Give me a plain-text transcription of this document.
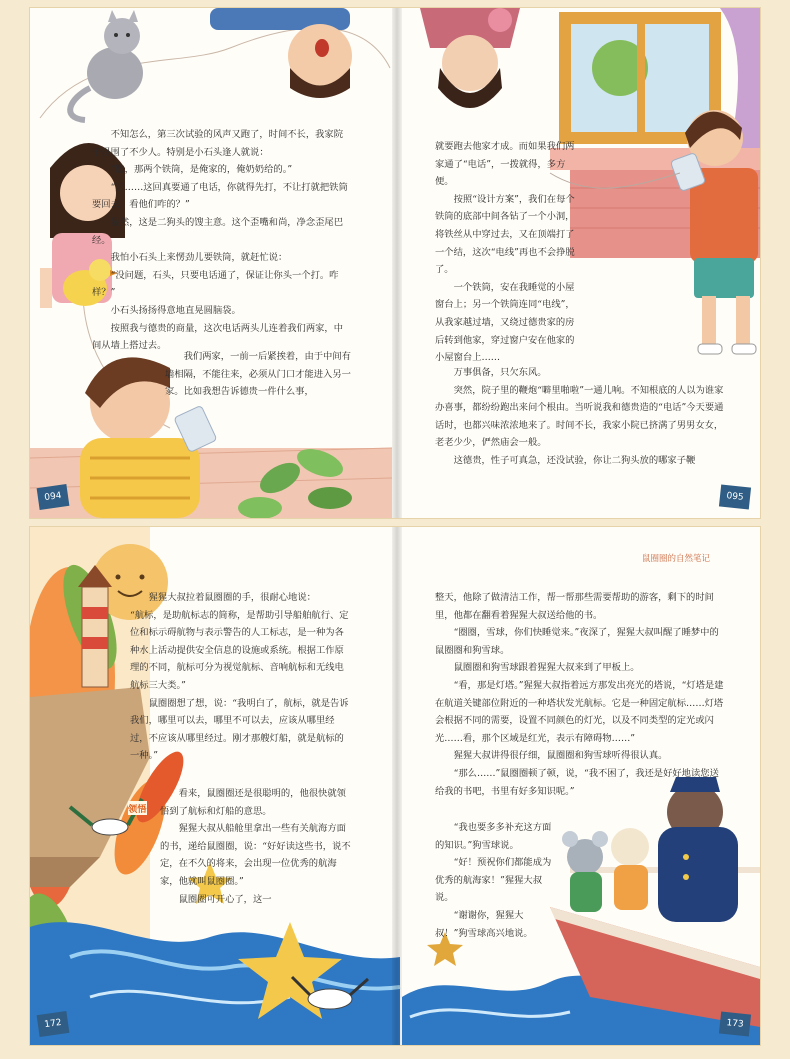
不知怎么，第三次试验的风声又跑了，时间不长，我家院子里围了不少人。特别是小石头逢人就说：

“瞧，那两个铁筒，是俺家的，俺奶奶给的。”

“那……这回真要通了电话，你就得先打，不让打就把铁筒要回去，看他们咋的？”

显然，这是二狗头的馊主意。这个歪嘴和尚，净念歪尾巴经。

我怕小石头上来愣劲儿要铁筒，就赶忙说：

“没问题，石头，只要电话通了，保证让你头一个打。咋样？”

小石头扬扬得意地直晃圆脑袋。

按照我与德贵的商量，这次电话两头儿连着我们两家，中间从墙上搭过去。

我们两家，一前一后紧挨着，由于中间有墙相隔，不能往来，必须从门口才能进入另一家。比如我想告诉德贵一件什么事，

就要跑去他家才成。而如果我们两家通了“电话”，一拨就得，多方便。

按照“设计方案”，我们在每个铁筒的底部中间各钻了一个小洞，将铁丝从中穿过去，又在顶端打了一个结，这次“电线”再也不会挣脱了。

一个铁筒，安在我睡觉的小屋窗台上；另一个铁筒连同“电线”，从我家越过墙，又绕过德贵家的房后转到他家，穿过窗户安在他家的小屋窗台上……

万事俱备，只欠东风。

突然，院子里的鞭炮“噼里啪啦”一通儿响。不知根底的人以为谁家办喜事，都纷纷跑出来问个根由。当听说我和德贵造的“电话”今天要通话时，也都兴味浓浓地来了。时间不长，我家小院已挤满了男男女女，老老少少，俨然庙会一般。

这德贵，性子可真急，还没试验，你让二狗头放的哪家子鞭

094	095
鼠圈圈的自然笔记

猩猩大叔拉着鼠圈圈的手，很耐心地说：

“航标，是助航标志的简称，是帮助引导船舶航行、定位和标示碍航物与表示警告的人工标志，是一种为各种水上活动提供安全信息的设施或系统。根据工作原理的不同，航标可分为视觉航标、音响航标和无线电航标三大类。”

鼠圈圈想了想，说：“我明白了，航标，就是告诉我们，哪里可以去，哪里不可以去，应该从哪里经过，不应该从哪里经过。刚才那艘灯船，就是航标的一种。”

看来，鼠圈圈还是很聪明的，他很快就领悟到了航标和灯船的意思。

猩猩大叔从船舱里拿出一些有关航海方面的书，递给鼠圈圈，说：“好好读这些书，说不定，在不久的将来，会出现一位优秀的航海家，他就叫鼠圈圈。”

鼠圈圈可开心了，这一

领悟

整天，他除了做清洁工作，帮一帮那些需要帮助的游客，剩下的时间里，他都在翻看着猩猩大叔送给他的书。

“圈圈，雪球，你们快睡觉来。”夜深了，猩猩大叔叫醒了睡梦中的鼠圈圈和狗雪球。

鼠圈圈和狗雪球跟着猩猩大叔来到了甲板上。

“看，那是灯塔。”猩猩大叔指着远方那发出亮光的塔说，“灯塔是建在航道关键部位附近的一种塔状发光航标。它是一种固定航标……灯塔会根据不同的需要，设置不同颜色的灯光，以及不同类型的定光或闪光……看，那个区域是红光，表示有障碍物……”

猩猩大叔讲得很仔细，鼠圈圈和狗雪球听得很认真。

“那么……”鼠圈圈顿了顿，说，“我不困了，我还是好好地读您送给我的书吧，书里有好多知识呢。”

“我也要多多补充这方面的知识。”狗雪球说。

“好！预祝你们都能成为优秀的航海家！”猩猩大叔说。

“谢谢你，猩猩大叔！”狗雪球高兴地说。

172	173
